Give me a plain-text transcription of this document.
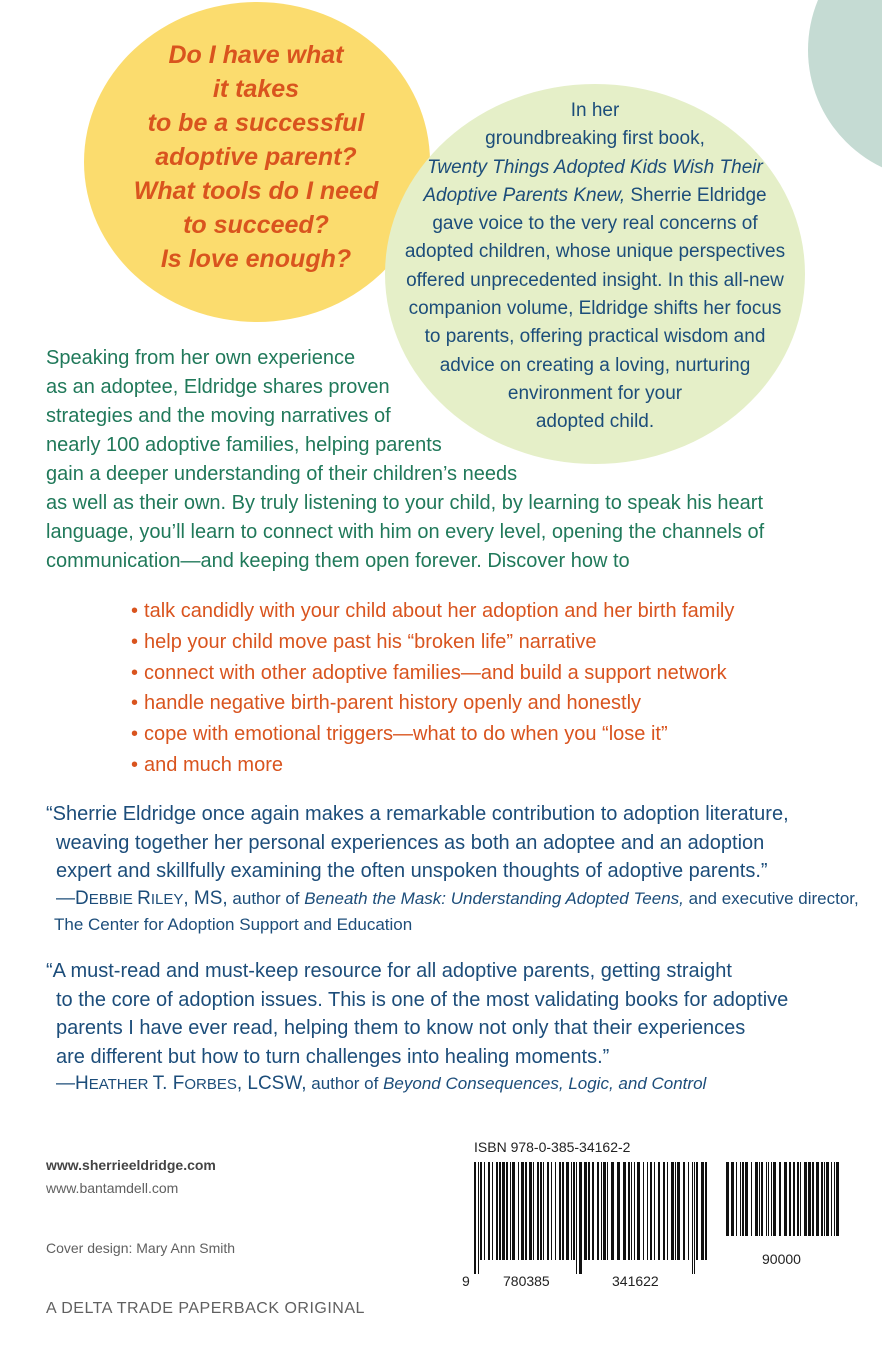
Do I have what
it takes
to be a successful
adoptive parent?
What tools do I need
to succeed?
Is love enough?
In her
groundbreaking first book,
Twenty Things Adopted Kids Wish Their
Adoptive Parents Knew, Sherrie Eldridge
gave voice to the very real concerns of
adopted children, whose unique perspectives
offered unprecedented insight. In this all-new
companion volume, Eldridge shifts her focus
to parents, offering practical wisdom and
advice on creating a loving, nurturing
environment for your
adopted child.
Speaking from her own experience
as an adoptee, Eldridge shares proven
strategies and the moving narratives of
nearly 100 adoptive families, helping parents
gain a deeper understanding of their children’s needs
as well as their own. By truly listening to your child, by learning to speak his heart
language, you’ll learn to connect with him on every level, opening the channels of
communication—and keeping them open forever. Discover how to
• talk candidly with your child about her adoption and her birth family
• help your child move past his “broken life” narrative
• connect with other adoptive families—and build a support network
• handle negative birth-parent history openly and honestly
• cope with emotional triggers—what to do when you “lose it”
• and much more
“Sherrie Eldridge once again makes a remarkable contribution to adoption literature,
weaving together her personal experiences as both an adoptee and an adoption
expert and skillfully examining the often unspoken thoughts of adoptive parents.”
—DEBBIE RILEY, MS, author of Beneath the Mask: Understanding Adopted Teens, and executive director,
The Center for Adoption Support and Education
“A must-read and must-keep resource for all adoptive parents, getting straight
to the core of adoption issues. This is one of the most validating books for adoptive
parents I have ever read, helping them to know not only that their experiences
are different but how to turn challenges into healing moments.”
—HEATHER T. FORBES, LCSW, author of Beyond Consequences, Logic, and Control
www.sherrieeldridge.com
www.bantamdell.com
Cover design: Mary Ann Smith
A DELTA TRADE PAPERBACK ORIGINAL
ISBN 978-0-385-34162-2
9 780385	341622
90000
